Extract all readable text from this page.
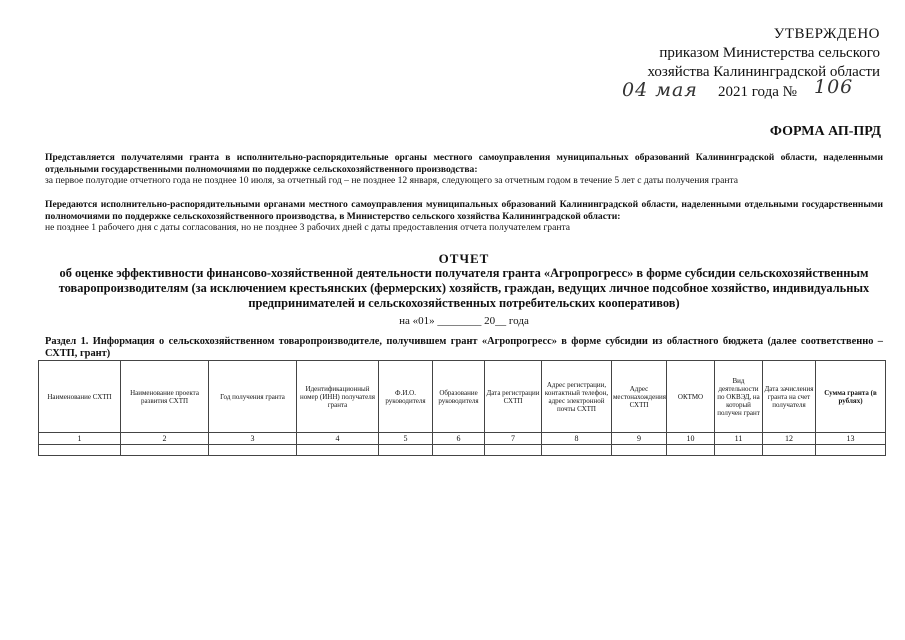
УТВЕРЖДЕНО
приказом Министерства сельского
хозяйства Калининградской области
04 мая 2021 года № 106
ФОРМА АП-ПРД
Представляется получателями гранта в исполнительно-распорядительные органы местного самоуправления муниципальных образований Калининградской области, наделенными отдельными государственными полномочиями по поддержке сельскохозяйственного производства:
за первое полугодие отчетного года не позднее 10 июля, за отчетный год – не позднее 12 января, следующего за отчетным годом в течение 5 лет с даты получения гранта
Передаются исполнительно-распорядительными органами местного самоуправления муниципальных образований Калининградской области, наделенными отдельными государственными полномочиями по поддержке сельскохозяйственного производства, в Министерство сельского хозяйства Калининградской области:
не позднее 1 рабочего дня с даты согласования, но не позднее 3 рабочих дней с даты предоставления отчета получателем гранта
ОТЧЕТ
об оценке эффективности финансово-хозяйственной деятельности получателя гранта «Агропрогресс» в форме субсидии сельскохозяйственным товаропроизводителям (за исключением крестьянских (фермерских) хозяйств, граждан, ведущих личное подсобное хозяйство, индивидуальных предпринимателей и сельскохозяйственных потребительских кооперативов)
на «01» ________ 20__ года
Раздел 1. Информация о сельскохозяйственном товаропроизводителе, получившем грант «Агропрогресс» в форме субсидии из областного бюджета (далее соответственно – СХТП, грант)
Наименование СХТП	Наименование проекта развития СХТП	Год получения гранта	Идентификационный номер (ИНН) получателя гранта	Ф.И.О. руководителя	Образование руководителя	Дата регистрации СХТП	Адрес регистрации, контактный телефон, адрес электронной почты СХТП	Адрес местонахождения СХТП	ОКТМО	Вид деятельности по ОКВЭД, на который получен грант	Дата зачисления гранта на счет получателя	Сумма гранта (в рублях)
1	2	3	4	5	6	7	8	9	10	11	12	13
